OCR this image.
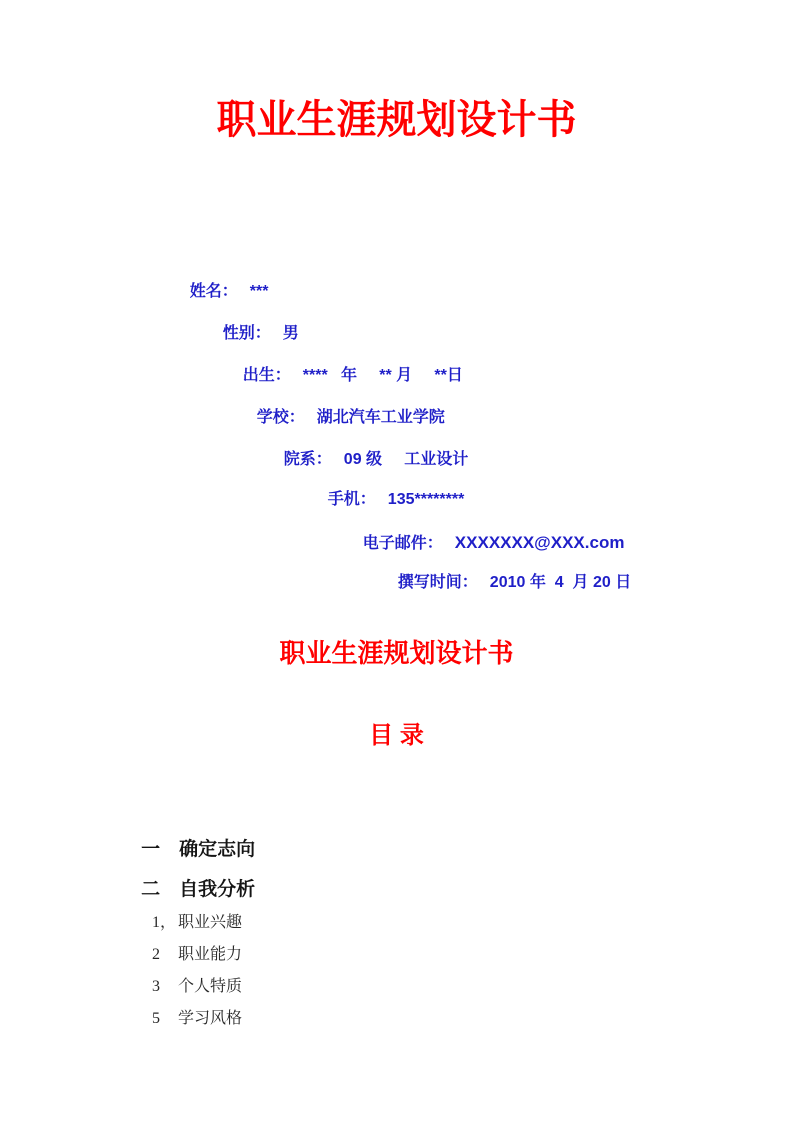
职业生涯规划设计书

姓名： ***

性别： 男

出生： ****   年     ** 月     **日

学校： 湖北汽车工业学院

院系： 09 级     工业设计

手机： 135********

电子邮件： XXXXXXX@XXX.com

撰写时间： 2010 年  4  月 20 日

职业生涯规划设计书
目 录

一 确定志向

二 自我分析

1， 职业兴趣

2 职业能力

3 个人特质

5 学习风格
